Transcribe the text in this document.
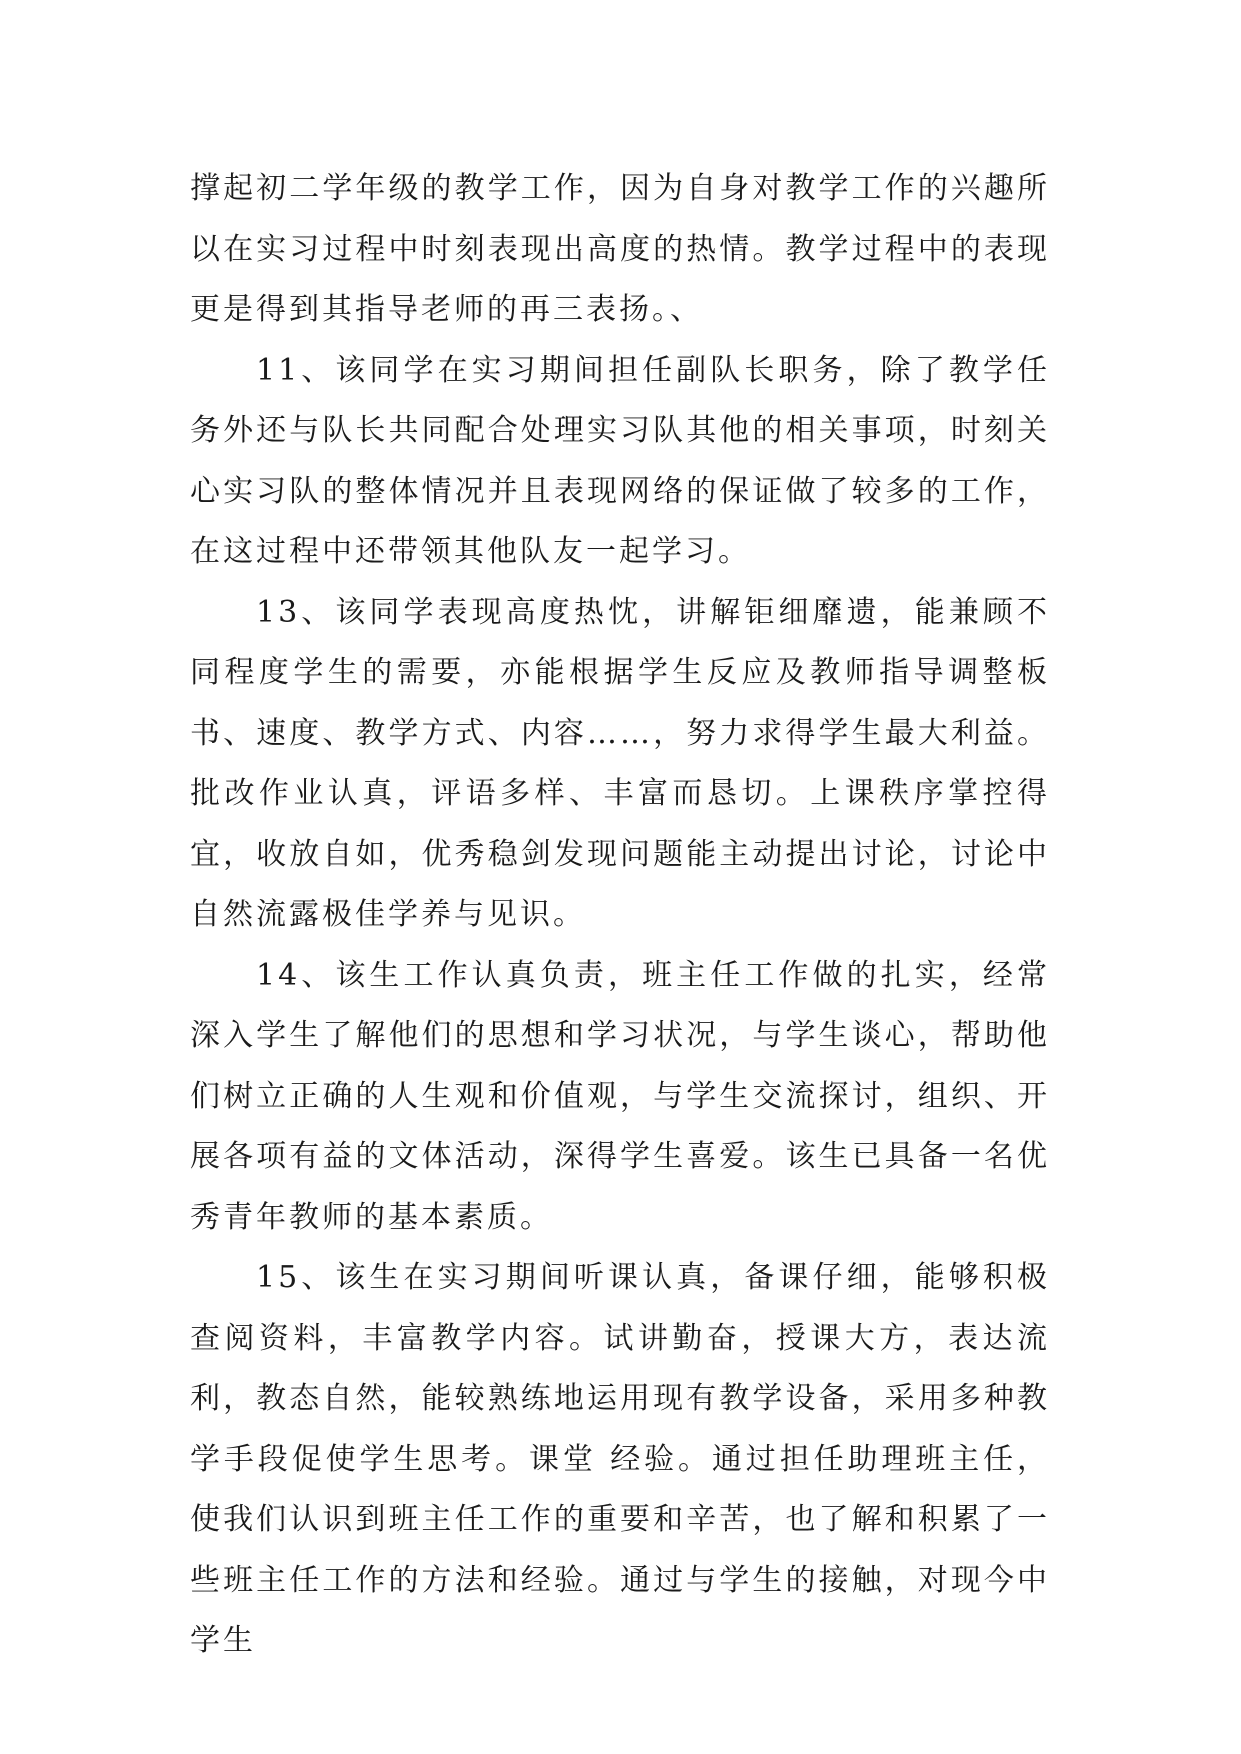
撑起初二学年级的教学工作，因为自身对教学工作的兴趣所以在实习过程中时刻表现出高度的热情。教学过程中的表现更是得到其指导老师的再三表扬。、

11、该同学在实习期间担任副队长职务，除了教学任务外还与队长共同配合处理实习队其他的相关事项，时刻关心实习队的整体情况并且表现网络的保证做了较多的工作，在这过程中还带领其他队友一起学习。

13、该同学表现高度热忱，讲解钜细靡遗，能兼顾不同程度学生的需要，亦能根据学生反应及教师指导调整板书、速度、教学方式、内容……，努力求得学生最大利益。批改作业认真，评语多样、丰富而恳切。上课秩序掌控得宜，收放自如，优秀稳剑发现问题能主动提出讨论，讨论中自然流露极佳学养与见识。

14、该生工作认真负责，班主任工作做的扎实，经常深入学生了解他们的思想和学习状况，与学生谈心，帮助他们树立正确的人生观和价值观，与学生交流探讨，组织、开展各项有益的文体活动，深得学生喜爱。该生已具备一名优秀青年教师的基本素质。

15、该生在实习期间听课认真，备课仔细，能够积极查阅资料，丰富教学内容。试讲勤奋，授课大方，表达流利，教态自然，能较熟练地运用现有教学设备，采用多种教学手段促使学生思考。课堂 经验。通过担任助理班主任，使我们认识到班主任工作的重要和辛苦，也了解和积累了一些班主任工作的方法和经验。通过与学生的接触，对现今中学生
